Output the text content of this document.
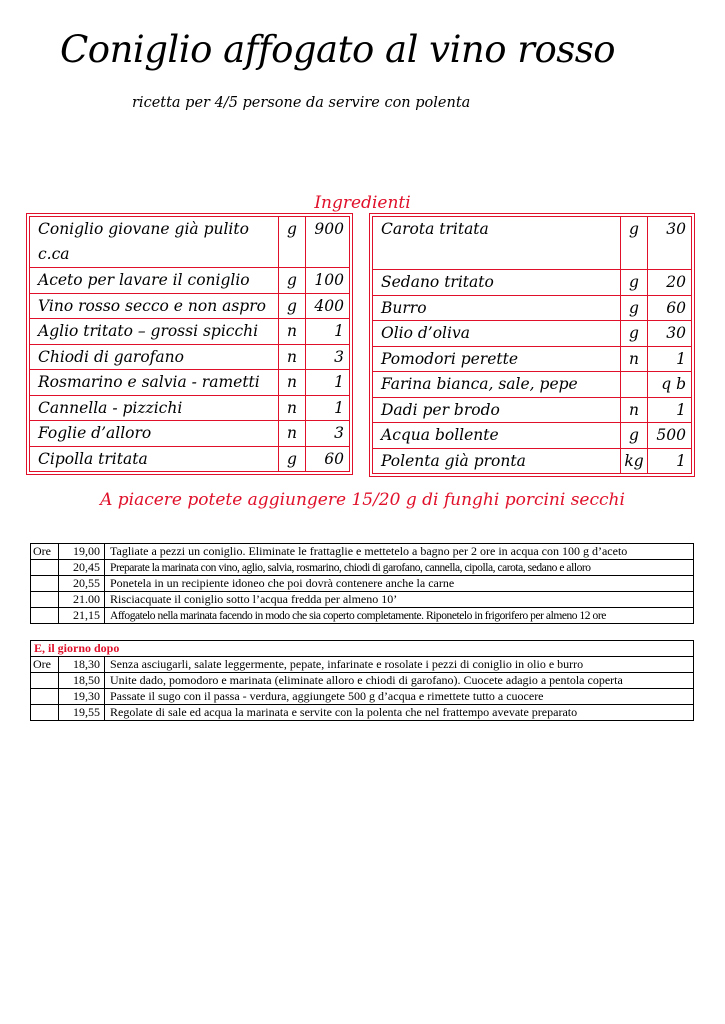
Coniglio affogato al vino rosso
ricetta per 4/5 persone da servire con polenta
Ingredienti
Coniglio giovane già pulito
c.ca	g	900
Aceto per lavare il coniglio	g	100
Vino rosso secco e non aspro	g	400
Aglio tritato – grossi spicchi	n	1
Chiodi di garofano	n	3
Rosmarino e salvia - rametti	n	1
Cannella - pizzichi	n	1
Foglie d’alloro	n	3
Cipolla tritata	g	60
Carota tritata	g	30
Sedano tritato	g	20
Burro	g	60
Olio d’oliva	g	30
Pomodori perette	n	1
Farina bianca, sale, pepe		q b
Dadi per brodo	n	1
Acqua bollente	g	500
Polenta già pronta	kg	1
A piacere potete aggiungere 15/20 g di funghi porcini secchi
Ore	19,00	Tagliate a pezzi un coniglio. Eliminate le frattaglie e mettetelo a bagno per 2 ore in acqua con 100 g d’aceto
	20,45	Preparate la marinata con vino, aglio, salvia, rosmarino, chiodi di garofano, cannella, cipolla, carota, sedano e alloro
	20,55	Ponetela in un recipiente idoneo che poi dovrà contenere anche la carne
	21.00	Risciacquate il coniglio sotto l’acqua fredda per almeno 10’
	21,15	Affogatelo nella marinata facendo in modo che sia coperto completamente. Riponetelo in frigorifero per almeno 12 ore
E, il giorno dopo		
Ore	18,30	Senza asciugarli, salate leggermente, pepate, infarinate e rosolate i pezzi di coniglio in olio e burro
	18,50	Unite dado, pomodoro e marinata (eliminate alloro e chiodi di garofano). Cuocete adagio a pentola coperta
	19,30	Passate il sugo con il passa - verdura, aggiungete 500 g d’acqua e rimettete tutto a cuocere
	19,55	Regolate di sale ed acqua la marinata e servite con la polenta che nel frattempo avevate preparato
